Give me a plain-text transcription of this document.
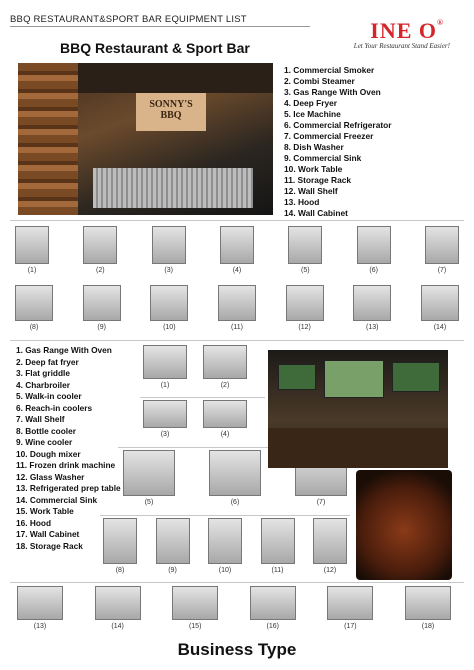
BBQ RESTAURANT&SPORT BAR EQUIPMENT LIST	INE O®
Let Your Restaurant Stand Easier!
BBQ Restaurant & Sport Bar
SONNY'S
BBQ
1. Commercial Smoker
2. Combi Steamer
3. Gas Range With Oven
4. Deep Fryer
5. Ice Machine
6. Commercial Refrigerator
7. Commercial Freezer
8. Dish Washer
9. Commercial Sink
10. Work Table
11. Storage Rack
12. Wall Shelf
13. Hood
14. Wall Cabinet
(1)	(2)	(3)	(4)	(5)	(6)	(7)
(8)	(9)	(10)	(11)	(12)	(13)	(14)
1. Gas Range With Oven
2. Deep fat fryer
3. Flat griddle
4. Charbroiler
5. Walk-in cooler
6. Reach-in coolers
7. Wall Shelf
8. Bottle cooler
9. Wine cooler
10. Dough mixer
11. Frozen drink machine
12. Glass Washer
13. Refrigerated prep table
14. Commercial Sink
15. Work Table
16. Hood
17. Wall Cabinet
18. Storage Rack
(1)	(2)
(3)	(4)
(5)	(6)	(7)
(8)	(9)	(10)	(11)	(12)
(13)	(14)	(15)	(16)	(17)	(18)
Business Type
